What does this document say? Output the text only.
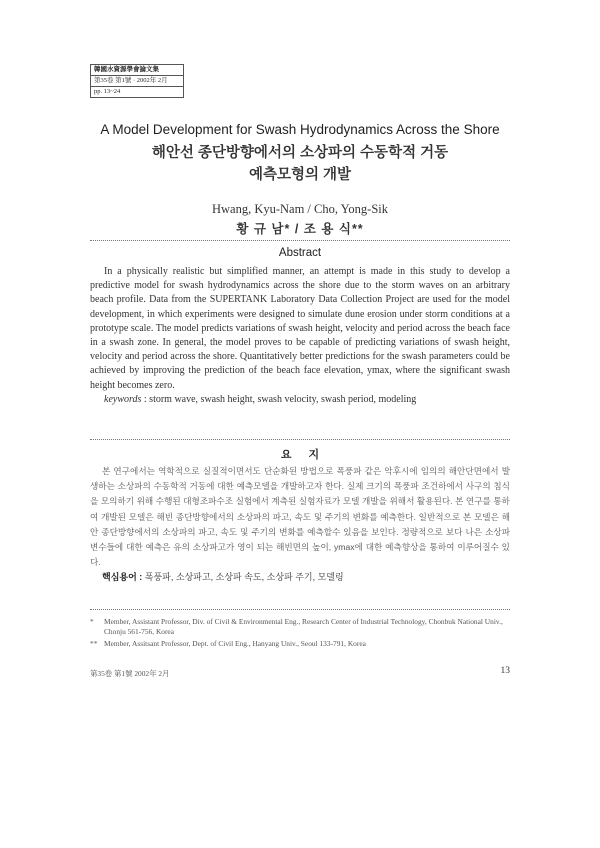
韓國水資源學會論文集
第35卷 第1號 · 2002年 2月
pp. 13~24
A Model Development for Swash Hydrodynamics Across the Shore
해안선 종단방향에서의 소상파의 수동학적 거동
예측모형의 개발
Hwang, Kyu-Nam / Cho, Yong-Sik
황 규 남* / 조 용 식**
Abstract

In a physically realistic but simplified manner, an attempt is made in this study to develop a predictive model for swash hydrodynamics across the shore due to the storm waves on an arbitrary beach profile. Data from the SUPERTANK Laboratory Data Collection Project are used for the model development, in which experiments were designed to simulate dune erosion under storm conditions at a prototype scale. The model predicts variations of swash height, velocity and period across the beach face in a swash zone. In general, the model proves to be capable of predicting variations of swash height, velocity and period across the shore. Quantitatively better predictions for the swash parameters could be achieved by improving the prediction of the beach face elevation, ymax, where the significant swash height becomes zero.

keywords : storm wave, swash height, swash velocity, swash period, modeling

요 지

본 연구에서는 역학적으로 실질적이면서도 단순화된 방법으로 폭풍파 같은 악후시에 임의의 해안단면에서 발생하는 소상파의 수동학적 거동에 대한 예측모델을 개발하고자 한다. 실제 크기의 폭풍파 조건하에서 사구의 침식을 모의하기 위해 수행된 대형조파수조 실험에서 계측된 실험자료가 모델 개발을 위해서 활용된다. 본 연구를 통하여 개발된 모델은 해빈 종단방향에서의 소상파의 파고, 속도 및 주기의 변화를 예측한다. 일반적으로 본 모델은 해안 종단방향에서의 소상파의 파고, 속도 및 주기의 변화를 예측할수 있음을 보인다. 정량적으로 보다 나은 소상파 변수들에 대한 예측은 유의 소상파고가 영이 되는 해빈면의 높이, ymax에 대한 예측향상을 통하여 이루어질수 있다.

핵심용어 : 폭풍파, 소상파고, 소상파 속도, 소상파 주기, 모델링

*	Member, Assistant Professor, Div. of Civil & Environmental Eng., Research Center of Industrial Technology, Chonbuk National Univ., Chonju 561-756, Korea
** Member, Assitsant Professor, Dept. of Civil Eng., Hanyang Univ., Seoul 133-791, Korea
第35卷 第1號 2002年 2月	13
